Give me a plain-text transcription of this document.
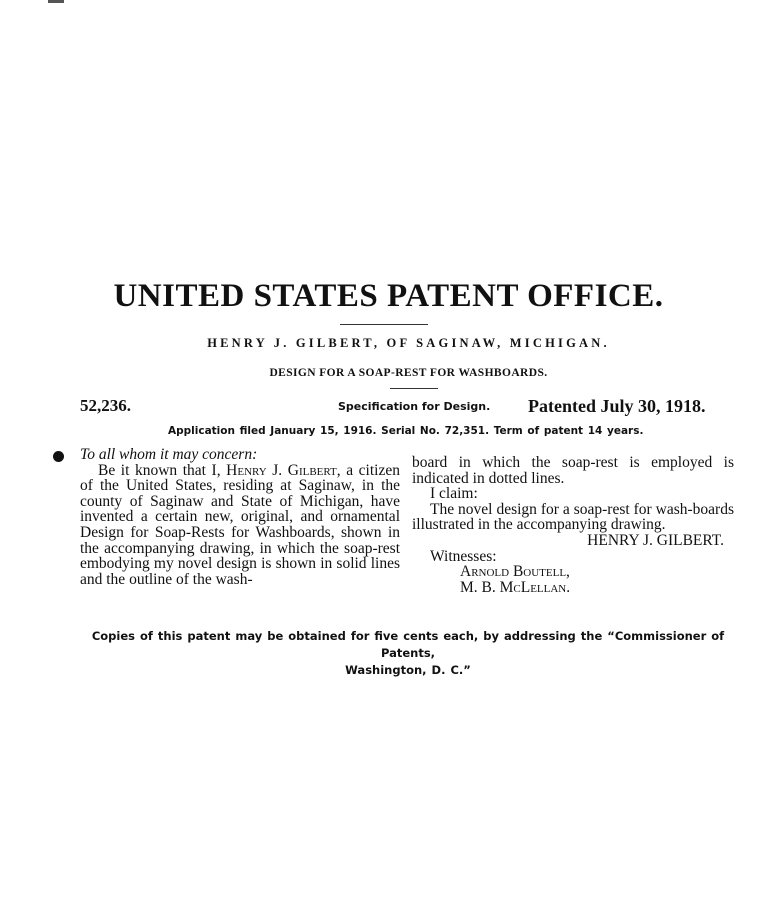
UNITED STATES PATENT OFFICE.
HENRY J. GILBERT, OF SAGINAW, MICHIGAN.
DESIGN FOR A SOAP-REST FOR WASHBOARDS.
52,236.	Specification for Design. Patented July 30, 1918.
Application filed January 15, 1916. Serial No. 72,351. Term of patent 14 years.

To all whom it may concern:

Be it known that I, Henry J. Gilbert, a citizen of the United States, residing at Saginaw, in the county of Saginaw and State of Michigan, have invented a certain new, original, and ornamental Design for Soap-Rests for Washboards, shown in the accompanying drawing, in which the soap-rest embodying my novel design is shown in solid lines and the outline of the wash-

board in which the soap-rest is employed is indicated in dotted lines.

I claim:

The novel design for a soap-rest for wash-boards illustrated in the accompanying drawing.

HENRY J. GILBERT.

Witnesses:

Arnold Boutell,

M. B. McLellan.

Copies of this patent may be obtained for five cents each, by addressing the “Commissioner of Patents,
Washington, D. C.”
